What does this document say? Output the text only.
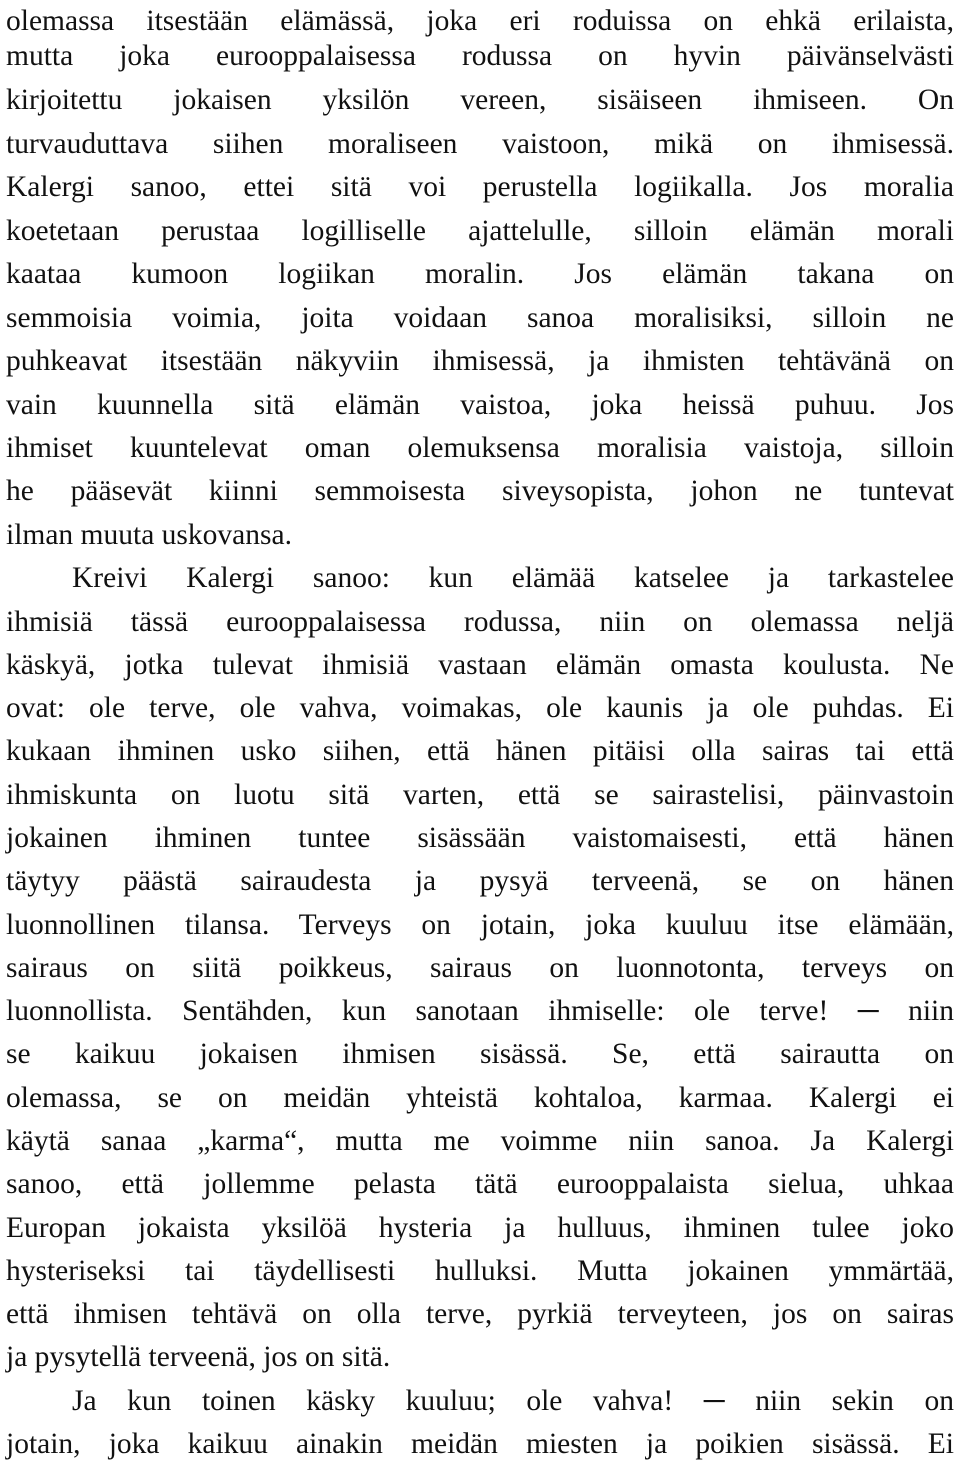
olemassa itsestään elämässä, joka eri roduissa on ehkä erilaista,
mutta joka eurooppalaisessa rodussa on hyvin päivänselvästi
kirjoitettu jokaisen yksilön vereen, sisäiseen ihmiseen. On
turvauduttava siihen moraliseen vaistoon, mikä on ihmisessä.
Kalergi sanoo, ettei sitä voi perustella logiikalla. Jos moralia
koetetaan perustaa logilliselle ajattelulle, silloin elämän morali
kaataa kumoon logiikan moralin. Jos elämän takana on
semmoisia voimia, joita voidaan sanoa moralisiksi, silloin ne
puhkeavat itsestään näkyviin ihmisessä, ja ihmisten tehtävänä on
vain kuunnella sitä elämän vaistoa, joka heissä puhuu. Jos
ihmiset kuuntelevat oman olemuksensa moralisia vaistoja, silloin
he pääsevät kiinni semmoisesta siveysopista, johon ne tuntevat
ilman muuta uskovansa.
Kreivi Kalergi sanoo: kun elämää katselee ja tarkastelee
ihmisiä tässä eurooppalaisessa rodussa, niin on olemassa neljä
käskyä, jotka tulevat ihmisiä vastaan elämän omasta koulusta. Ne
ovat: ole terve, ole vahva, voimakas, ole kaunis ja ole puhdas. Ei
kukaan ihminen usko siihen, että hänen pitäisi olla sairas tai että
ihmiskunta on luotu sitä varten, että se sairastelisi, päinvastoin
jokainen ihminen tuntee sisässään vaistomaisesti, että hänen
täytyy päästä sairaudesta ja pysyä terveenä, se on hänen
luonnollinen tilansa. Terveys on jotain, joka kuuluu itse elämään,
sairaus on siitä poikkeus, sairaus on luonnotonta, terveys on
luonnollista. Sentähden, kun sanotaan ihmiselle: ole terve! ─ niin
se kaikuu jokaisen ihmisen sisässä. Se, että sairautta on
olemassa, se on meidän yhteistä kohtaloa, karmaa. Kalergi ei
käytä sanaa „karma“, mutta me voimme niin sanoa. Ja Kalergi
sanoo, että jollemme pelasta tätä eurooppalaista sielua, uhkaa
Europan jokaista yksilöä hysteria ja hulluus, ihminen tulee joko
hysteriseksi tai täydellisesti hulluksi. Mutta jokainen ymmärtää,
että ihmisen tehtävä on olla terve, pyrkiä terveyteen, jos on sairas
ja pysytellä terveenä, jos on sitä.
Ja kun toinen käsky kuuluu; ole vahva! ─ niin sekin on
jotain, joka kaikuu ainakin meidän miesten ja poikien sisässä. Ei
